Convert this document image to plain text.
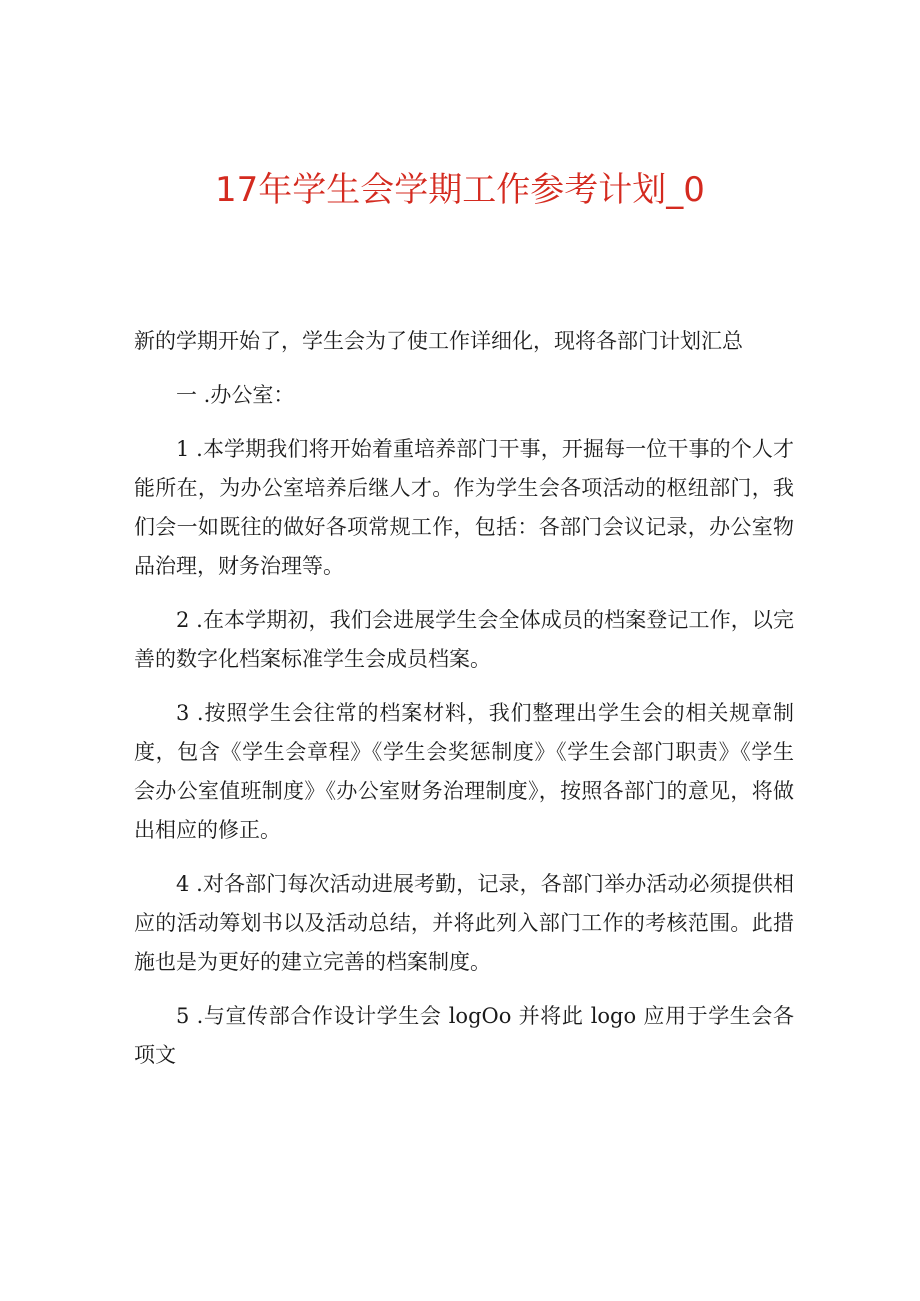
17年学生会学期工作参考计划_0

新的学期开始了，学生会为了使工作详细化，现将各部门计划汇总

一 .办公室：

1 .本学期我们将开始着重培养部门干事，开掘每一位干事的个人才能所在，为办公室培养后继人才。作为学生会各项活动的枢纽部门，我们会一如既往的做好各项常规工作，包括：各部门会议记录，办公室物品治理，财务治理等。

2 .在本学期初，我们会进展学生会全体成员的档案登记工作，以完善的数字化档案标准学生会成员档案。

3 .按照学生会往常的档案材料，我们整理出学生会的相关规章制度，包含《学生会章程》《学生会奖惩制度》《学生会部门职责》《学生会办公室值班制度》《办公室财务治理制度》，按照各部门的意见，将做出相应的修正。

4 .对各部门每次活动进展考勤，记录，各部门举办活动必须提供相应的活动筹划书以及活动总结，并将此列入部门工作的考核范围。此措施也是为更好的建立完善的档案制度。

5 .与宣传部合作设计学生会 logOo 并将此 logo 应用于学生会各项文
